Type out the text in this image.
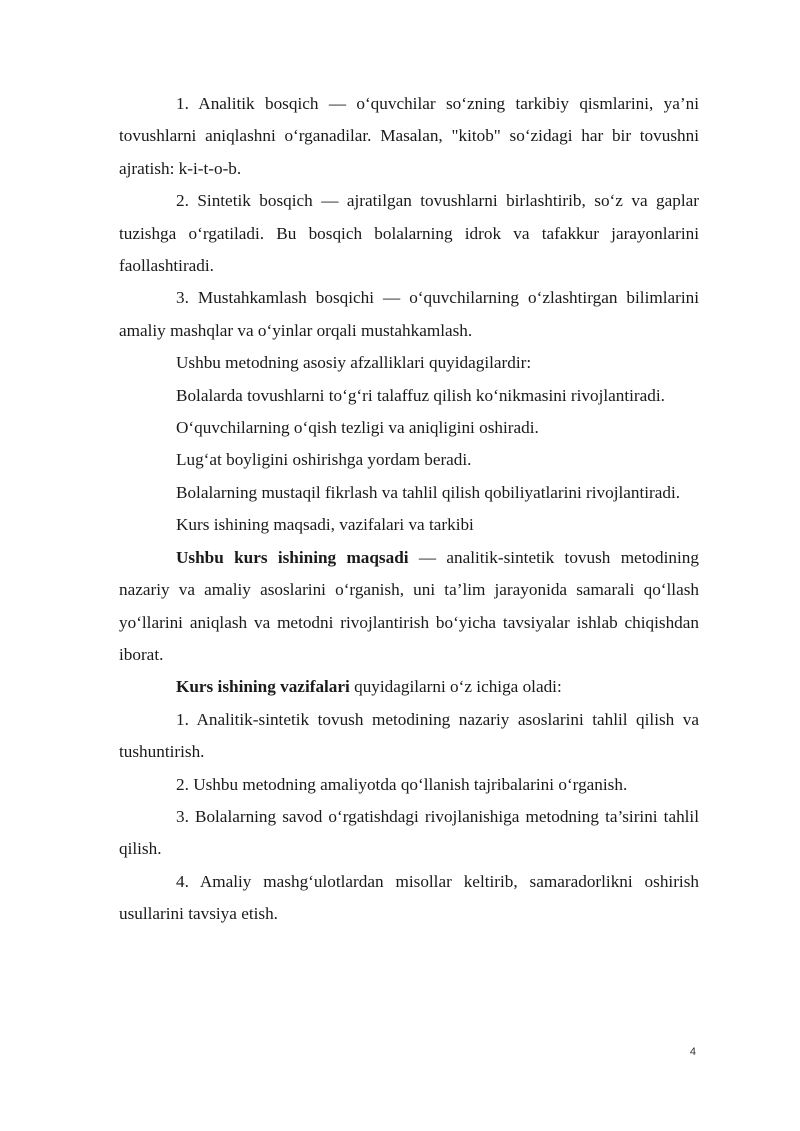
1. Analitik bosqich — o‘quvchilar so‘zning tarkibiy qismlarini, ya’ni tovushlarni aniqlashni o‘rganadilar. Masalan, "kitob" so‘zidagi har bir tovushni ajratish: k-i-t-o-b.

2. Sintetik bosqich — ajratilgan tovushlarni birlashtirib, so‘z va gaplar tuzishga o‘rgatiladi. Bu bosqich bolalarning idrok va tafakkur jarayonlarini faollashtiradi.

3. Mustahkamlash bosqichi — o‘quvchilarning o‘zlashtirgan bilimlarini amaliy mashqlar va o‘yinlar orqali mustahkamlash.

Ushbu metodning asosiy afzalliklari quyidagilardir:

Bolalarda tovushlarni to‘g‘ri talaffuz qilish ko‘nikmasini rivojlantiradi.

O‘quvchilarning o‘qish tezligi va aniqligini oshiradi.

Lug‘at boyligini oshirishga yordam beradi.

Bolalarning mustaqil fikrlash va tahlil qilish qobiliyatlarini rivojlantiradi.

Kurs ishining maqsadi, vazifalari va tarkibi

Ushbu kurs ishining maqsadi — analitik-sintetik tovush metodining nazariy va amaliy asoslarini o‘rganish, uni ta’lim jarayonida samarali qo‘llash yo‘llarini aniqlash va metodni rivojlantirish bo‘yicha tavsiyalar ishlab chiqishdan iborat.

Kurs ishining vazifalari quyidagilarni o‘z ichiga oladi:

1. Analitik-sintetik tovush metodining nazariy asoslarini tahlil qilish va tushuntirish.

2. Ushbu metodning amaliyotda qo‘llanish tajribalarini o‘rganish.

3. Bolalarning savod o‘rgatishdagi rivojlanishiga metodning ta’sirini tahlil qilish.

4. Amaliy mashg‘ulotlardan misollar keltirib, samaradorlikni oshirish usullarini tavsiya etish.

4
